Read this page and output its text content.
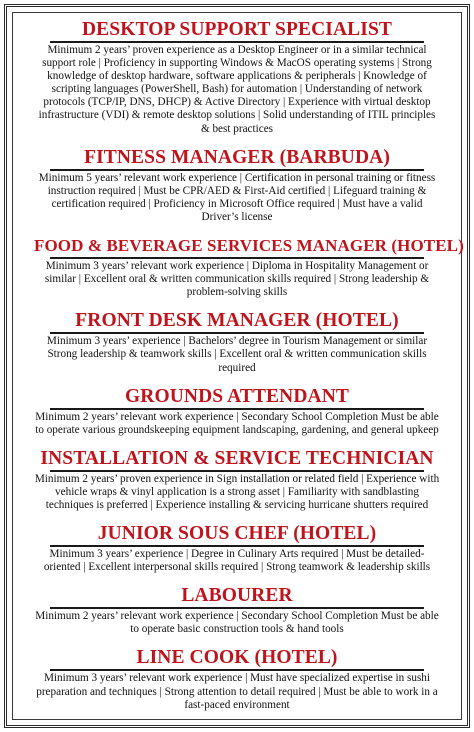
DESKTOP SUPPORT SPECIALIST
Minimum 2 years’ proven experience as a Desktop Engineer or in a similar technical support role | Proficiency in supporting Windows & MacOS operating systems | Strong knowledge of desktop hardware, software applications & peripherals | Knowledge of scripting languages (PowerShell, Bash) for automation | Understanding of network protocols (TCP/IP, DNS, DHCP) & Active Directory | Experience with virtual desktop infrastructure (VDI) & remote desktop solutions | Solid understanding of ITIL principles & best practices
FITNESS MANAGER (BARBUDA)
Minimum 5 years’ relevant work experience | Certification in personal training or fitness instruction required | Must be CPR/AED & First-Aid certified | Lifeguard training & certification required | Proficiency in Microsoft Office required | Must have a valid Driver’s license
FOOD & BEVERAGE SERVICES MANAGER (HOTEL)
Minimum 3 years’ relevant work experience | Diploma in Hospitality Management or similar | Excellent oral & written communication skills required | Strong leadership & problem-solving skills
FRONT DESK MANAGER (HOTEL)
Minimum 3 years’ experience | Bachelors’ degree in Tourism Management or similar Strong leadership & teamwork skills | Excellent oral & written communication skills required
GROUNDS ATTENDANT
Minimum 2 years’ relevant work experience | Secondary School Completion Must be able to operate various groundskeeping equipment landscaping, gardening, and general upkeep
INSTALLATION & SERVICE TECHNICIAN
Minimum 2 years’ proven experience in Sign installation or related field | Experience with vehicle wraps & vinyl application is a strong asset | Familiarity with sandblasting techniques is preferred | Experience installing & servicing hurricane shutters required
JUNIOR SOUS CHEF (HOTEL)
Minimum 3 years’ experience | Degree in Culinary Arts required | Must be detailed-oriented | Excellent interpersonal skills required | Strong teamwork & leadership skills
LABOURER
Minimum 2 years’ relevant work experience | Secondary School Completion Must be able to operate basic construction tools & hand tools
LINE COOK (HOTEL)
Minimum 3 years’ relevant work experience | Must have specialized expertise in sushi preparation and techniques | Strong attention to detail required | Must be able to work in a fast-paced environment
